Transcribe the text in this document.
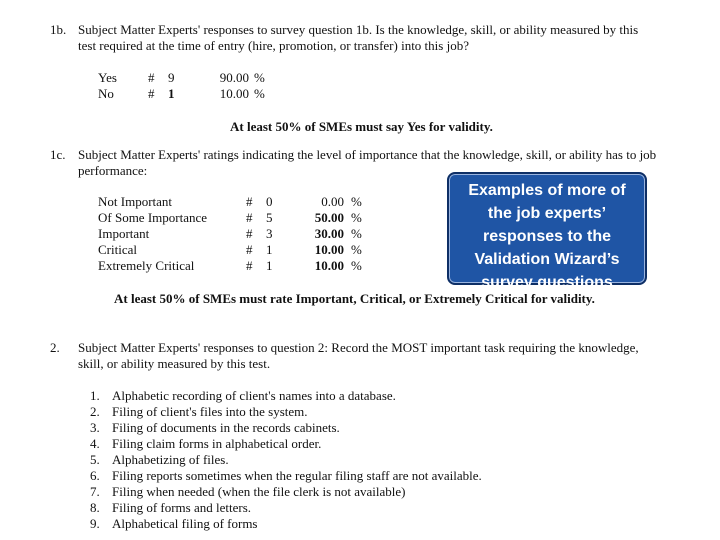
1b. Subject Matter Experts' responses to survey question 1b. Is the knowledge, skill, or ability measured by this
test required at the time of entry (hire, promotion, or transfer) into this job?
Yes # 9	90.00 %
No	# 1	10.00 %
At least 50% of SMEs must say Yes for validity.
1c. Subject Matter Experts' ratings indicating the level of importance that the knowledge, skill, or ability has to job
performance:
Not Important	# 0	0.00 %
Of Some Importance	# 5	50.00 %
Important	# 3	30.00 %
Critical	# 1	10.00 %
Extremely Critical	# 1	10.00 %
At least 50% of SMEs must rate Important, Critical, or Extremely Critical for validity.
Examples of more of the job experts’ responses to the Validation Wizard’s survey questions
2. Subject Matter Experts' responses to question 2: Record the MOST important task requiring the knowledge,
skill, or ability measured by this test.
1. Alphabetic recording of client's names into a database.
2. Filing of client's files into the system.
3. Filing of documents in the records cabinets.
4. Filing claim forms in alphabetical order.
5. Alphabetizing of files.
6. Filing reports sometimes when the regular filing staff are not available.
7. Filing when needed (when the file clerk is not available)
8. Filing of forms and letters.
9. Alphabetical filing of forms
